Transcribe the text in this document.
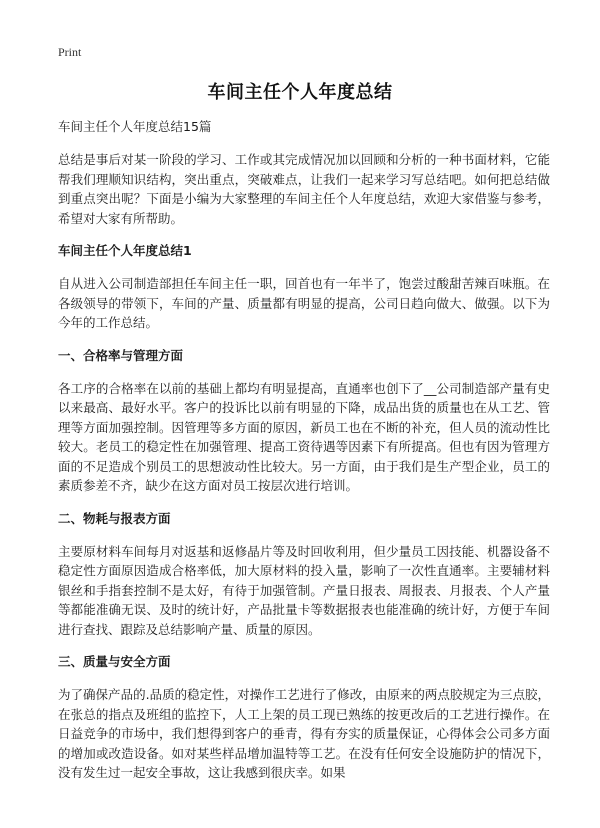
Print
车间主任个人年度总结
车间主任个人年度总结15篇

总结是事后对某一阶段的学习、工作或其完成情况加以回顾和分析的一种书面材料，它能帮我们理顺知识结构，突出重点，突破难点，让我们一起来学习写总结吧。如何把总结做到重点突出呢？下面是小编为大家整理的车间主任个人年度总结，欢迎大家借鉴与参考，希望对大家有所帮助。

车间主任个人年度总结1

自从进入公司制造部担任车间主任一职，回首也有一年半了，饱尝过酸甜苦辣百味瓶。在各级领导的带领下，车间的产量、质量都有明显的提高，公司日趋向做大、做强。以下为今年的工作总结。

一、合格率与管理方面

各工序的合格率在以前的基础上都均有明显提高，直通率也创下了__公司制造部产量有史以来最高、最好水平。客户的投诉比以前有明显的下降，成品出货的质量也在从工艺、管理等方面加强控制。因管理等多方面的原因，新员工也在不断的补充，但人员的流动性比较大。老员工的稳定性在加强管理、提高工资待遇等因素下有所提高。但也有因为管理方面的不足造成个别员工的思想波动性比较大。另一方面，由于我们是生产型企业，员工的素质参差不齐，缺少在这方面对员工按层次进行培训。

二、物耗与报表方面

主要原材料车间每月对返基和返修晶片等及时回收利用，但少量员工因技能、机器设备不稳定性方面原因造成合格率低，加大原材料的投入量，影响了一次性直通率。主要辅材料银丝和手指套控制不是太好，有待于加强管制。产量日报表、周报表、月报表、个人产量等都能准确无误、及时的统计好，产品批量卡等数据报表也能准确的统计好，方便于车间进行查找、跟踪及总结影响产量、质量的原因。

三、质量与安全方面

为了确保产品的.品质的稳定性，对操作工艺进行了修改，由原来的两点胶规定为三点胶，在张总的指点及班组的监控下，人工上架的员工现已熟练的按更改后的工艺进行操作。在日益竞争的市场中，我们想得到客户的垂青，得有夯实的质量保证，心得体会公司多方面的增加或改造设备。如对某些样品增加温特等工艺。在没有任何安全设施防护的情况下，没有发生过一起安全事故，这让我感到很庆幸。如果
